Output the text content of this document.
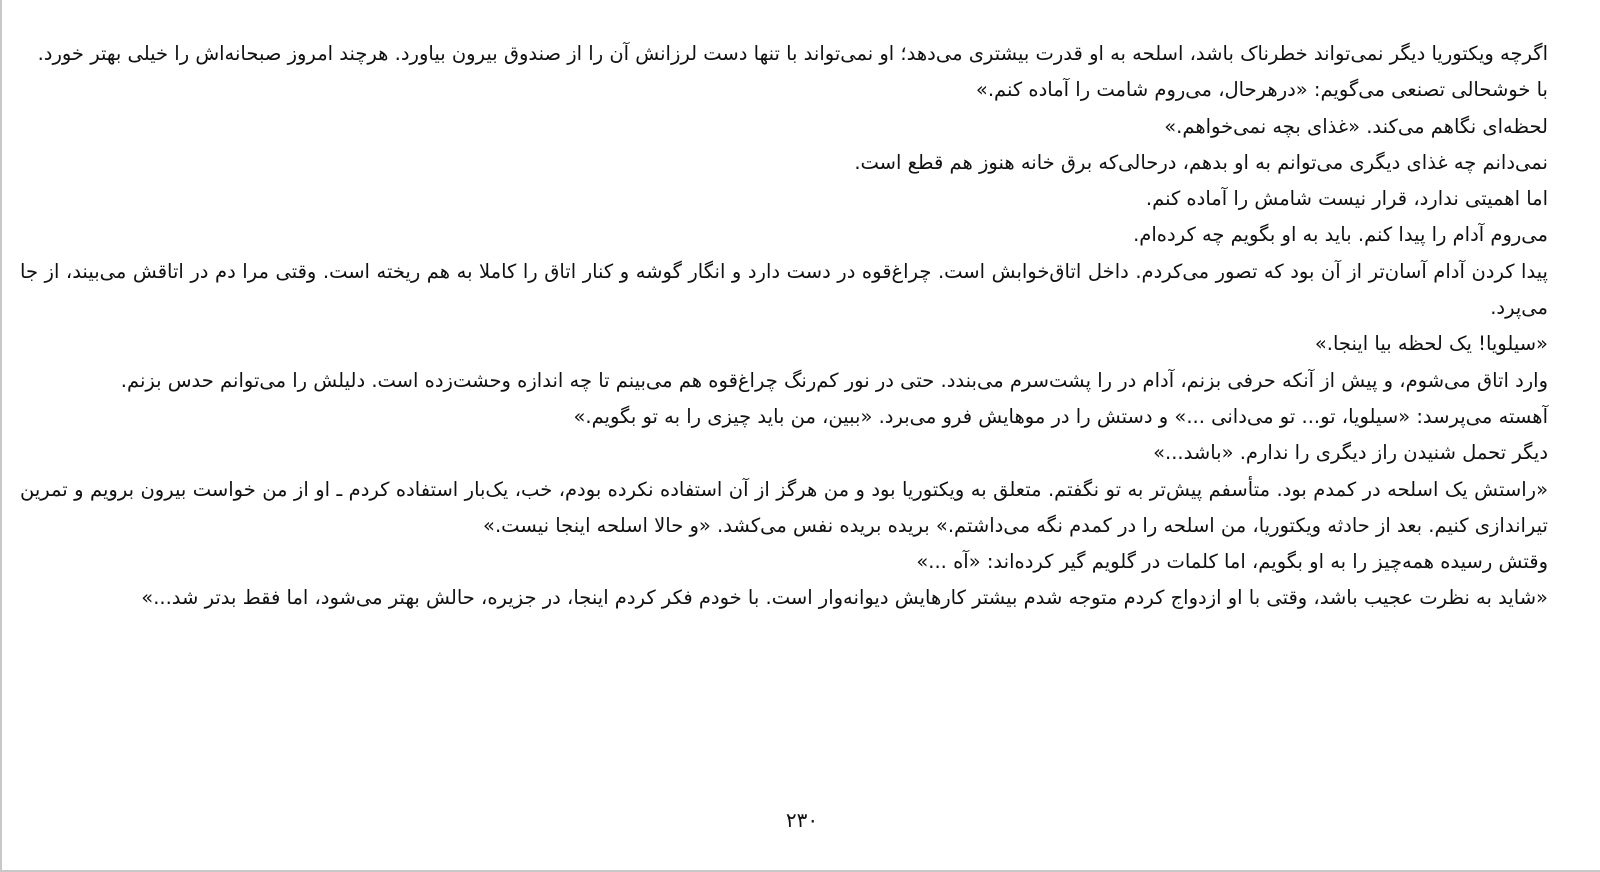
اگرچه ویکتوریا دیگر نمی‌تواند خطرناک باشد، اسلحه به او قدرت بیشتری می‌دهد؛ او نمی‌تواند با تنها دست لرزانش آن را از صندوق بیرون بیاورد. هرچند امروز صبحانه‌اش را خیلی بهتر خورد.

با خوشحالی تصنعی می‌گویم: «درهرحال، می‌روم شامت را آماده کنم.»

لحظه‌ای نگاهم می‌کند. «غذای بچه نمی‌خواهم.»

نمی‌دانم چه غذای دیگری می‌توانم به او بدهم، درحالی‌که برق خانه هنوز هم قطع است.

اما اهمیتی ندارد، قرار نیست شامش را آماده کنم.

می‌روم آدام را پیدا کنم. باید به او بگویم چه کرده‌ام.

پیدا کردن آدام آسان‌تر از آن بود که تصور می‌کردم. داخل اتاق‌خوابش است. چراغ‌قوه در دست دارد و انگار گوشه و کنار اتاق را کاملا به هم ریخته است. وقتی مرا دم در اتاقش می‌بیند، از جا می‌پرد.

«سیلویا! یک لحظه بیا اینجا.»

وارد اتاق می‌شوم، و پیش از آنکه حرفی بزنم، آدام در را پشت‌سرم می‌بندد. حتی در نور کم‌رنگ چراغ‌قوه هم می‌بینم تا چه اندازه وحشت‌زده است. دلیلش را می‌توانم حدس بزنم.

آهسته می‌پرسد: «سیلویا، تو... تو می‌دانی ...» و دستش را در موهایش فرو می‌برد. «ببین، من باید چیزی را به تو بگویم.»

دیگر تحمل شنیدن راز دیگری را ندارم. «باشد...»

«راستش یک اسلحه در کمدم بود. متأسفم پیش‌تر به تو نگفتم. متعلق به ویکتوریا بود و من هرگز از آن استفاده نکرده بودم، خب، یک‌بار استفاده کردم ـ او از من خواست بیرون برویم و تمرین تیراندازی کنیم. بعد از حادثه ویکتوریا، من اسلحه را در کمدم نگه می‌داشتم.» بریده بریده نفس می‌کشد. «و حالا اسلحه اینجا نیست.»

وقتش رسیده همه‌چیز را به او بگویم، اما کلمات در گلویم گیر کرده‌اند: «آه ...»

«شاید به نظرت عجیب باشد، وقتی با او ازدواج کردم متوجه شدم بیشتر کارهایش دیوانه‌وار است. با خودم فکر کردم اینجا، در جزیره، حالش بهتر می‌شود، اما فقط بدتر شد...»

۲۳۰
